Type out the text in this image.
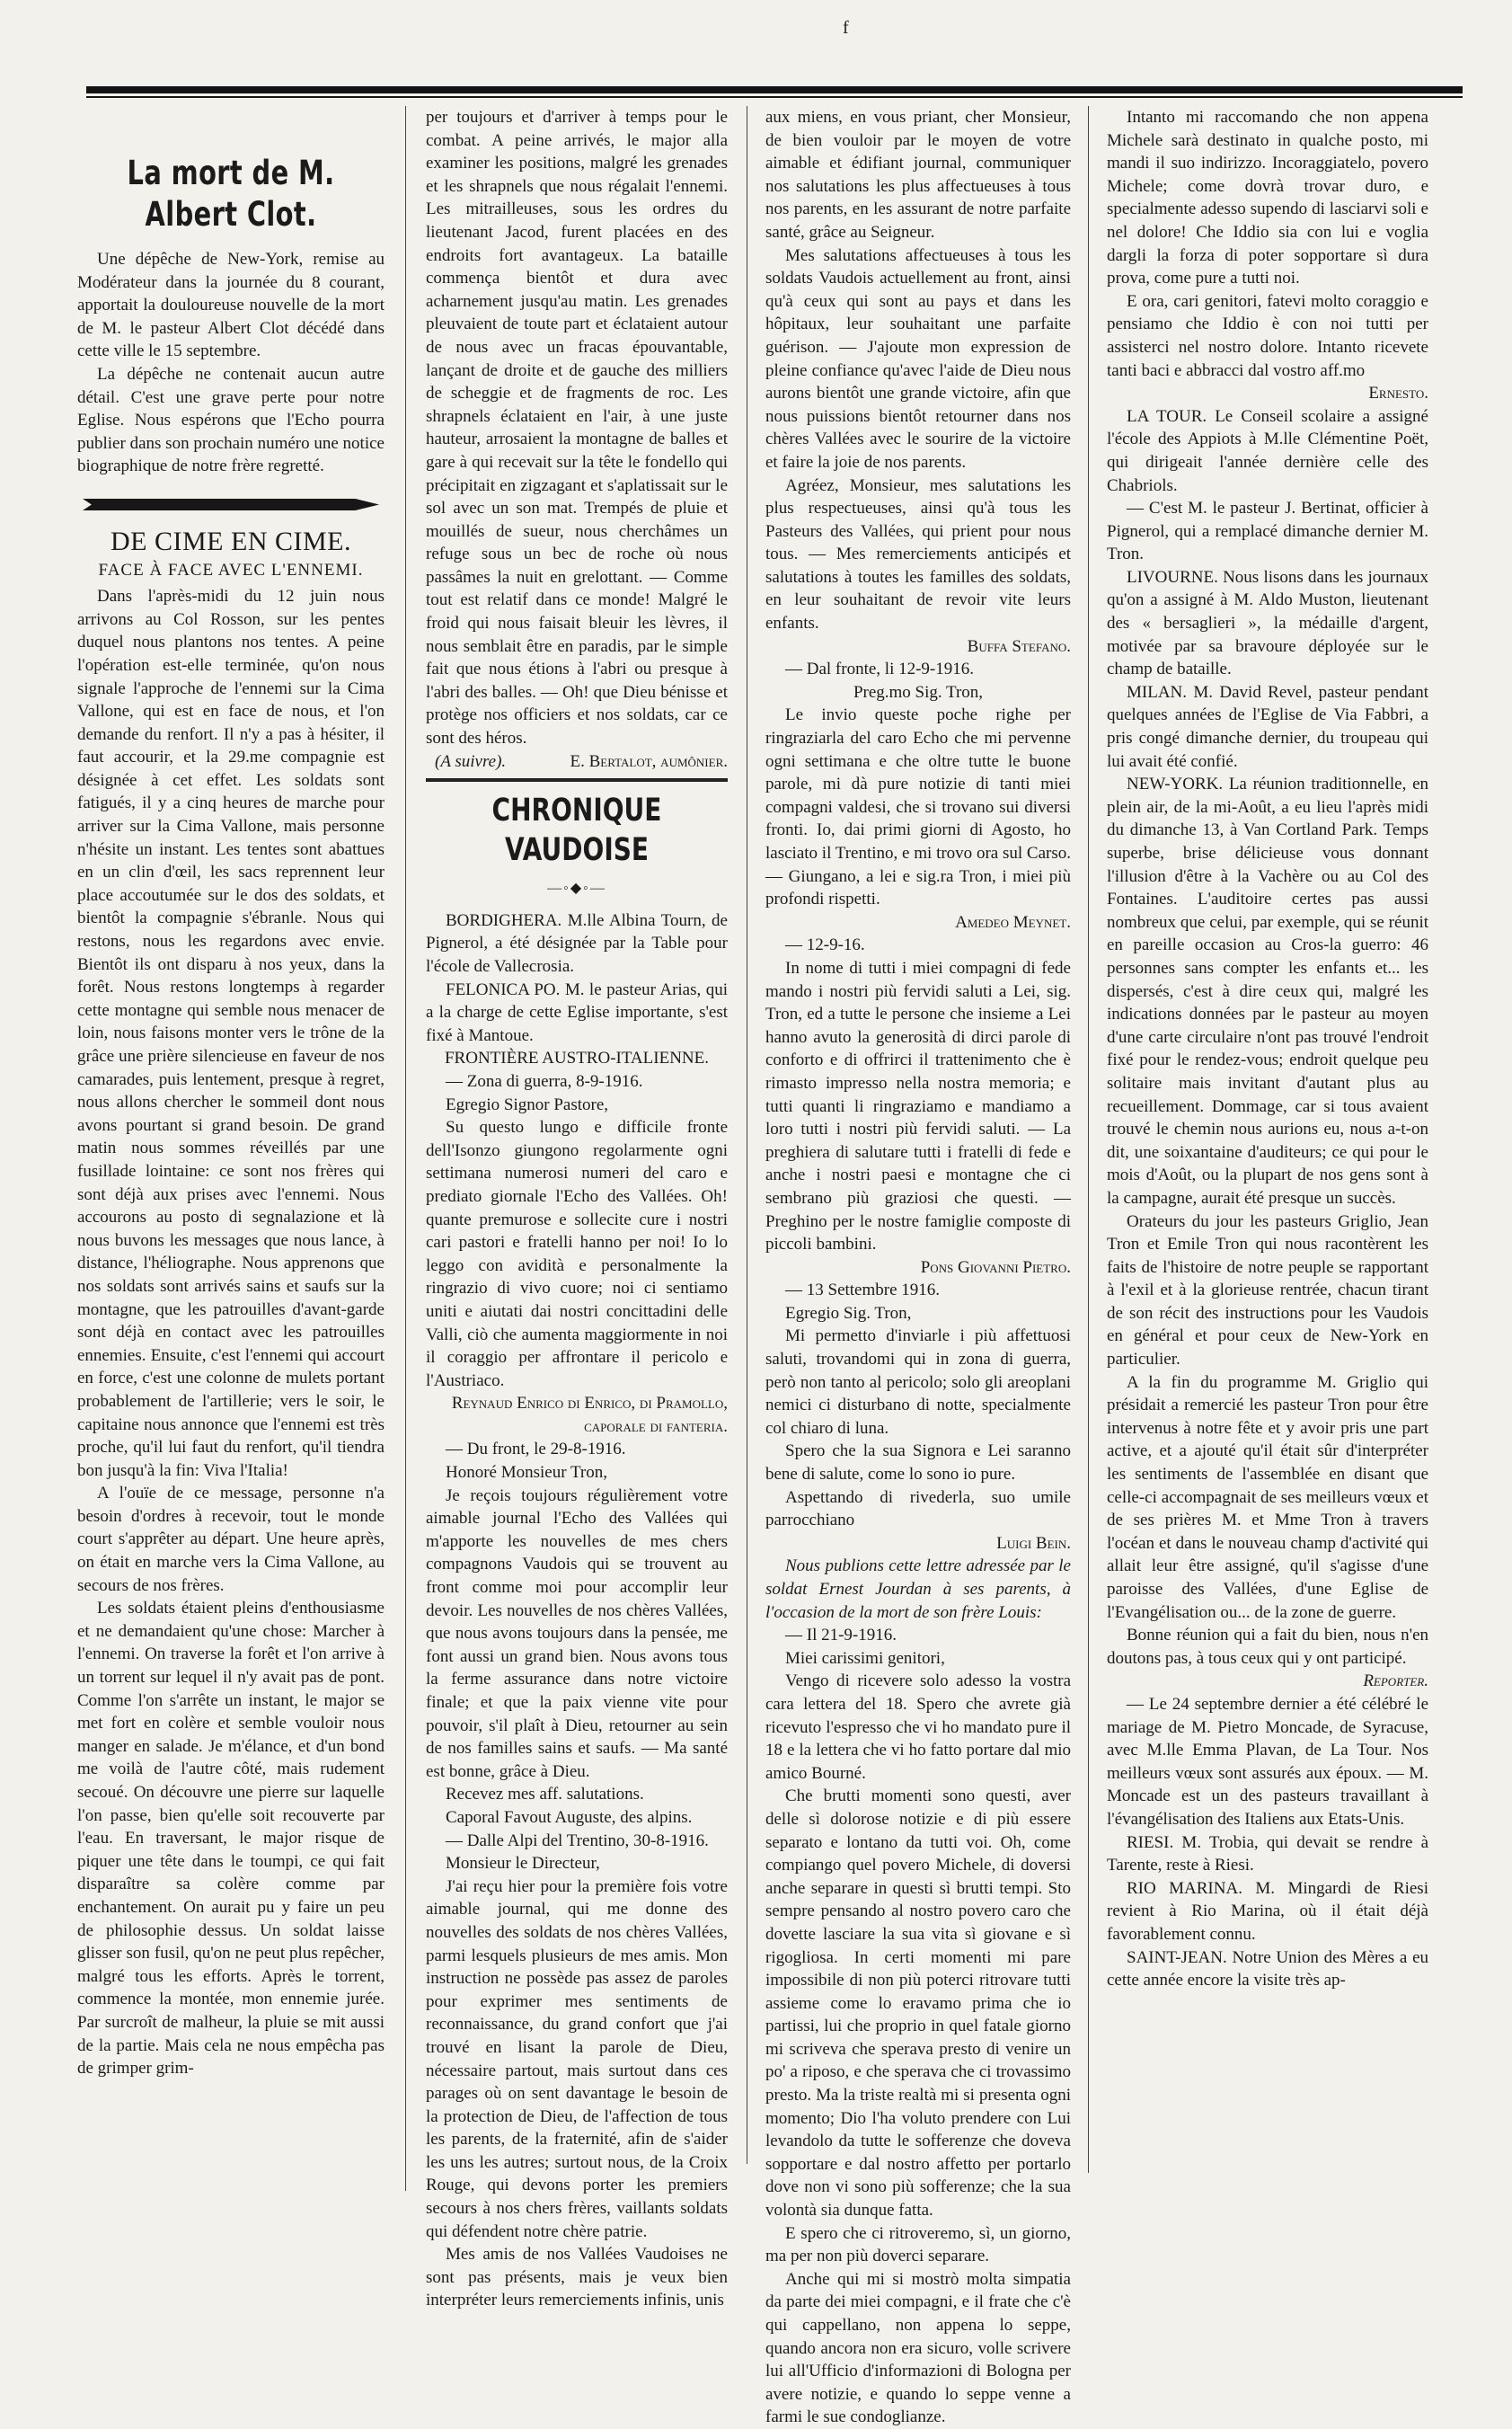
f
La mort de M. Albert Clot.

Une dépêche de New-York, remise au Modérateur dans la journée du 8 courant, apportait la douloureuse nouvelle de la mort de M. le pasteur Albert Clot décédé dans cette ville le 15 septembre.

La dépêche ne contenait aucun autre détail. C'est une grave perte pour notre Eglise. Nous espérons que l'Echo pourra publier dans son prochain numéro une notice biographique de notre frère regretté.

DE CIME EN CIME.
FACE À FACE AVEC L'ENNEMI.

Dans l'après-midi du 12 juin nous arrivons au Col Rosson, sur les pentes duquel nous plantons nos tentes. A peine l'opération est-elle terminée, qu'on nous signale l'approche de l'ennemi sur la Cima Vallone, qui est en face de nous, et l'on demande du renfort. Il n'y a pas à hésiter, il faut accourir, et la 29.me compagnie est désignée à cet effet. Les soldats sont fatigués, il y a cinq heures de marche pour arriver sur la Cima Vallone, mais personne n'hésite un instant. Les tentes sont abattues en un clin d'œil, les sacs reprennent leur place accoutumée sur le dos des soldats, et bientôt la compagnie s'ébranle. Nous qui restons, nous les regardons avec envie. Bientôt ils ont disparu à nos yeux, dans la forêt. Nous restons longtemps à regarder cette montagne qui semble nous menacer de loin, nous faisons monter vers le trône de la grâce une prière silencieuse en faveur de nos camarades, puis lentement, presque à regret, nous allons chercher le sommeil dont nous avons pourtant si grand besoin. De grand matin nous sommes réveillés par une fusillade lointaine: ce sont nos frères qui sont déjà aux prises avec l'ennemi. Nous accourons au posto di segnalazione et là nous buvons les messages que nous lance, à distance, l'héliographe. Nous apprenons que nos soldats sont arrivés sains et saufs sur la montagne, que les patrouilles d'avant-garde sont déjà en contact avec les patrouilles ennemies. Ensuite, c'est l'ennemi qui accourt en force, c'est une colonne de mulets portant probablement de l'artillerie; vers le soir, le capitaine nous annonce que l'ennemi est très proche, qu'il lui faut du renfort, qu'il tiendra bon jusqu'à la fin: Viva l'Italia!

A l'ouïe de ce message, personne n'a besoin d'ordres à recevoir, tout le monde court s'apprêter au départ. Une heure après, on était en marche vers la Cima Vallone, au secours de nos frères.

Les soldats étaient pleins d'enthousiasme et ne demandaient qu'une chose: Marcher à l'ennemi. On traverse la forêt et l'on arrive à un torrent sur lequel il n'y avait pas de pont. Comme l'on s'arrête un instant, le major se met fort en colère et semble vouloir nous manger en salade. Je m'élance, et d'un bond me voilà de l'autre côté, mais rudement secoué. On découvre une pierre sur laquelle l'on passe, bien qu'elle soit recouverte par l'eau. En traversant, le major risque de piquer une tête dans le toumpi, ce qui fait disparaître sa colère comme par enchantement. On aurait pu y faire un peu de philosophie dessus. Un soldat laisse glisser son fusil, qu'on ne peut plus repêcher, malgré tous les efforts. Après le torrent, commence la montée, mon ennemie jurée. Par surcroît de malheur, la pluie se mit aussi de la partie. Mais cela ne nous empêcha pas de grimper grim-

per toujours et d'arriver à temps pour le combat. A peine arrivés, le major alla examiner les positions, malgré les grenades et les shrapnels que nous régalait l'ennemi. Les mitrailleuses, sous les ordres du lieutenant Jacod, furent placées en des endroits fort avantageux. La bataille commença bientôt et dura avec acharnement jusqu'au matin. Les grenades pleuvaient de toute part et éclataient autour de nous avec un fracas épouvantable, lançant de droite et de gauche des milliers de scheggie et de fragments de roc. Les shrapnels éclataient en l'air, à une juste hauteur, arrosaient la montagne de balles et gare à qui recevait sur la tête le fondello qui précipitait en zigzagant et s'aplatissait sur le sol avec un son mat. Trempés de pluie et mouillés de sueur, nous cherchâmes un refuge sous un bec de roche où nous passâmes la nuit en grelottant. — Comme tout est relatif dans ce monde! Malgré le froid qui nous faisait bleuir les lèvres, il nous semblait être en paradis, par le simple fait que nous étions à l'abri ou presque à l'abri des balles. — Oh! que Dieu bénisse et protège nos officiers et nos soldats, car ce sont des héros.

(A suivre).	E. Bertalot, aumônier.

CHRONIQUE VAUDOISE
—◦◆◦—

BORDIGHERA. M.lle Albina Tourn, de Pignerol, a été désignée par la Table pour l'école de Vallecrosia.

FELONICA PO. M. le pasteur Arias, qui a la charge de cette Eglise importante, s'est fixé à Mantoue.

FRONTIÈRE AUSTRO-ITALIENNE.

— Zona di guerra, 8-9-1916.

Egregio Signor Pastore,

Su questo lungo e difficile fronte dell'Isonzo giungono regolarmente ogni settimana numerosi numeri del caro e prediato giornale l'Echo des Vallées. Oh! quante premurose e sollecite cure i nostri cari pastori e fratelli hanno per noi! Io lo leggo con avidità e personalmente la ringrazio di vivo cuore; noi ci sentiamo uniti e aiutati dai nostri concittadini delle Valli, ciò che aumenta maggiormente in noi il coraggio per affrontare il pericolo e l'Austriaco.

Reynaud Enrico di Enrico, di Pramollo, caporale di fanteria.

— Du front, le 29-8-1916.

Honoré Monsieur Tron,

Je reçois toujours régulièrement votre aimable journal l'Echo des Vallées qui m'apporte les nouvelles de mes chers compagnons Vaudois qui se trouvent au front comme moi pour accomplir leur devoir. Les nouvelles de nos chères Vallées, que nous avons toujours dans la pensée, me font aussi un grand bien. Nous avons tous la ferme assurance dans notre victoire finale; et que la paix vienne vite pour pouvoir, s'il plaît à Dieu, retourner au sein de nos familles sains et saufs. — Ma santé est bonne, grâce à Dieu.

Recevez mes aff. salutations.

Caporal Favout Auguste, des alpins.

— Dalle Alpi del Trentino, 30-8-1916.

Monsieur le Directeur,

J'ai reçu hier pour la première fois votre aimable journal, qui me donne des nouvelles des soldats de nos chères Vallées, parmi lesquels plusieurs de mes amis. Mon instruction ne possède pas assez de paroles pour exprimer mes sentiments de reconnaissance, du grand confort que j'ai trouvé en lisant la parole de Dieu, nécessaire partout, mais surtout dans ces parages où on sent davantage le besoin de la protection de Dieu, de l'affection de tous les parents, de la fraternité, afin de s'aider les uns les autres; surtout nous, de la Croix Rouge, qui devons porter les premiers secours à nos chers frères, vaillants soldats qui défendent notre chère patrie.

Mes amis de nos Vallées Vaudoises ne sont pas présents, mais je veux bien interpréter leurs remerciements infinis, unis

aux miens, en vous priant, cher Monsieur, de bien vouloir par le moyen de votre aimable et édifiant journal, communiquer nos salutations les plus affectueuses à tous nos parents, en les assurant de notre parfaite santé, grâce au Seigneur.

Mes salutations affectueuses à tous les soldats Vaudois actuellement au front, ainsi qu'à ceux qui sont au pays et dans les hôpitaux, leur souhaitant une parfaite guérison. — J'ajoute mon expression de pleine confiance qu'avec l'aide de Dieu nous aurons bientôt une grande victoire, afin que nous puissions bientôt retourner dans nos chères Vallées avec le sourire de la victoire et faire la joie de nos parents.

Agréez, Monsieur, mes salutations les plus respectueuses, ainsi qu'à tous les Pasteurs des Vallées, qui prient pour nous tous. — Mes remerciements anticipés et salutations à toutes les familles des soldats, en leur souhaitant de revoir vite leurs enfants.

Buffa Stefano.

— Dal fronte, li 12-9-1916.

Preg.mo Sig. Tron,

Le invio queste poche righe per ringraziarla del caro Echo che mi pervenne ogni settimana e che oltre tutte le buone parole, mi dà pure notizie di tanti miei compagni valdesi, che si trovano sui diversi fronti. Io, dai primi giorni di Agosto, ho lasciato il Trentino, e mi trovo ora sul Carso. — Giungano, a lei e sig.ra Tron, i miei più profondi rispetti.

Amedeo Meynet.

— 12-9-16.

In nome di tutti i miei compagni di fede mando i nostri più fervidi saluti a Lei, sig. Tron, ed a tutte le persone che insieme a Lei hanno avuto la generosità di dirci parole di conforto e di offrirci il trattenimento che è rimasto impresso nella nostra memoria; e tutti quanti li ringraziamo e mandiamo a loro tutti i nostri più fervidi saluti. — La preghiera di salutare tutti i fratelli di fede e anche i nostri paesi e montagne che ci sembrano più graziosi che questi. — Preghino per le nostre famiglie composte di piccoli bambini.

Pons Giovanni Pietro.

— 13 Settembre 1916.

Egregio Sig. Tron,

Mi permetto d'inviarle i più affettuosi saluti, trovandomi qui in zona di guerra, però non tanto al pericolo; solo gli areoplani nemici ci disturbano di notte, specialmente col chiaro di luna.

Spero che la sua Signora e Lei saranno bene di salute, come lo sono io pure.

Aspettando di rivederla, suo umile parrocchiano

Luigi Bein.

Nous publions cette lettre adressée par le soldat Ernest Jourdan à ses parents, à l'occasion de la mort de son frère Louis:

— Il 21-9-1916.

Miei carissimi genitori,

Vengo di ricevere solo adesso la vostra cara lettera del 18. Spero che avrete già ricevuto l'espresso che vi ho mandato pure il 18 e la lettera che vi ho fatto portare dal mio amico Bourné.

Che brutti momenti sono questi, aver delle sì dolorose notizie e di più essere separato e lontano da tutti voi. Oh, come compiango quel povero Michele, di doversi anche separare in questi sì brutti tempi. Sto sempre pensando al nostro povero caro che dovette lasciare la sua vita sì giovane e sì rigogliosa. In certi momenti mi pare impossibile di non più poterci ritrovare tutti assieme come lo eravamo prima che io partissi, lui che proprio in quel fatale giorno mi scriveva che sperava presto di venire un po' a riposo, e che sperava che ci trovassimo presto. Ma la triste realtà mi si presenta ogni momento; Dio l'ha voluto prendere con Lui levandolo da tutte le sofferenze che doveva sopportare e dal nostro affetto per portarlo dove non vi sono più sofferenze; che la sua volontà sia dunque fatta.

E spero che ci ritroveremo, sì, un giorno, ma per non più doverci separare.

Anche qui mi si mostrò molta simpatia da parte dei miei compagni, e il frate che c'è qui cappellano, non appena lo seppe, quando ancora non era sicuro, volle scrivere lui all'Ufficio d'informazioni di Bologna per avere notizie, e quando lo seppe venne a farmi le sue condoglianze.

Intanto mi raccomando che non appena Michele sarà destinato in qualche posto, mi mandi il suo indirizzo. Incoraggiatelo, povero Michele; come dovrà trovar duro, e specialmente adesso supendo di lasciarvi soli e nel dolore! Che Iddio sia con lui e voglia dargli la forza di poter sopportare sì dura prova, come pure a tutti noi.

E ora, cari genitori, fatevi molto coraggio e pensiamo che Iddio è con noi tutti per assisterci nel nostro dolore. Intanto ricevete tanti baci e abbracci dal vostro aff.mo

Ernesto.

LA TOUR. Le Conseil scolaire a assigné l'école des Appiots à M.lle Clémentine Poët, qui dirigeait l'année dernière celle des Chabriols.

— C'est M. le pasteur J. Bertinat, officier à Pignerol, qui a remplacé dimanche dernier M. Tron.

LIVOURNE. Nous lisons dans les journaux qu'on a assigné à M. Aldo Muston, lieutenant des « bersaglieri », la médaille d'argent, motivée par sa bravoure déployée sur le champ de bataille.

MILAN. M. David Revel, pasteur pendant quelques années de l'Eglise de Via Fabbri, a pris congé dimanche dernier, du troupeau qui lui avait été confié.

NEW-YORK. La réunion traditionnelle, en plein air, de la mi-Août, a eu lieu l'après midi du dimanche 13, à Van Cortland Park. Temps superbe, brise délicieuse vous donnant l'illusion d'être à la Vachère ou au Col des Fontaines. L'auditoire certes pas aussi nombreux que celui, par exemple, qui se réunit en pareille occasion au Cros-la guerro: 46 personnes sans compter les enfants et... les dispersés, c'est à dire ceux qui, malgré les indications données par le pasteur au moyen d'une carte circulaire n'ont pas trouvé l'endroit fixé pour le rendez-vous; endroit quelque peu solitaire mais invitant d'autant plus au recueillement. Dommage, car si tous avaient trouvé le chemin nous aurions eu, nous a-t-on dit, une soixantaine d'auditeurs; ce qui pour le mois d'Août, ou la plupart de nos gens sont à la campagne, aurait été presque un succès.

Orateurs du jour les pasteurs Griglio, Jean Tron et Emile Tron qui nous racontèrent les faits de l'histoire de notre peuple se rapportant à l'exil et à la glorieuse rentrée, chacun tirant de son récit des instructions pour les Vaudois en général et pour ceux de New-York en particulier.

A la fin du programme M. Griglio qui présidait a remercié les pasteur Tron pour être intervenus à notre fête et y avoir pris une part active, et a ajouté qu'il était sûr d'interpréter les sentiments de l'assemblée en disant que celle-ci accompagnait de ses meilleurs vœux et de ses prières M. et Mme Tron à travers l'océan et dans le nouveau champ d'activité qui allait leur être assigné, qu'il s'agisse d'une paroisse des Vallées, d'une Eglise de l'Evangélisation ou... de la zone de guerre.

Bonne réunion qui a fait du bien, nous n'en doutons pas, à tous ceux qui y ont participé.

Reporter.

— Le 24 septembre dernier a été célébré le mariage de M. Pietro Moncade, de Syracuse, avec M.lle Emma Plavan, de La Tour. Nos meilleurs vœux sont assurés aux époux. — M. Moncade est un des pasteurs travaillant à l'évangélisation des Italiens aux Etats-Unis.

RIESI. M. Trobia, qui devait se rendre à Tarente, reste à Riesi.

RIO MARINA. M. Mingardi de Riesi revient à Rio Marina, où il était déjà favorablement connu.

SAINT-JEAN. Notre Union des Mères a eu cette année encore la visite très ap-
